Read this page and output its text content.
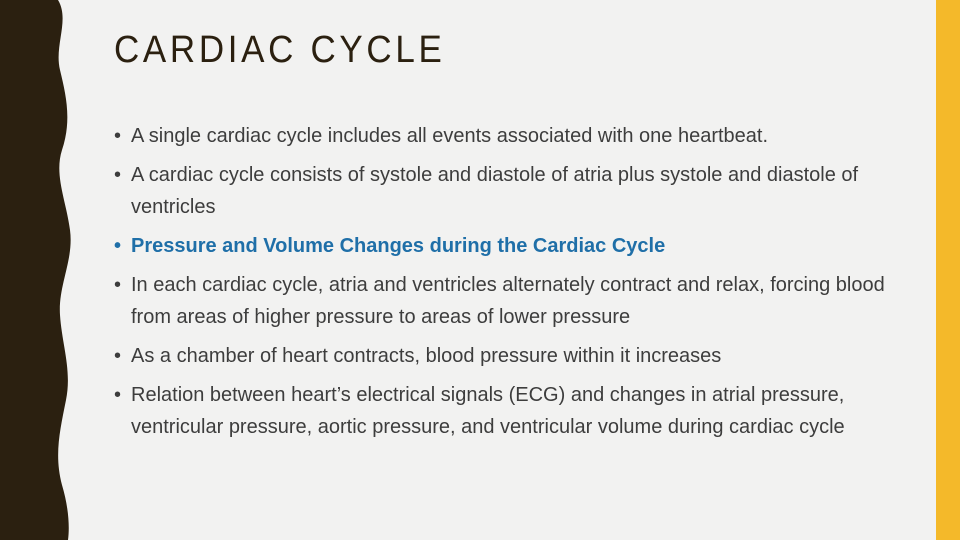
CARDIAC CYCLE
• A single cardiac cycle includes all events associated with one heartbeat.
• A cardiac cycle consists of systole and diastole of atria plus systole and diastole of ventricles
• Pressure and Volume Changes during the Cardiac Cycle
• In each cardiac cycle, atria and ventricles alternately contract and relax, forcing blood from areas of higher pressure to areas of lower pressure
• As a chamber of heart contracts, blood pressure within it increases
• Relation between heart’s electrical signals (ECG) and changes in atrial pressure, ventricular pressure, aortic pressure, and ventricular volume during cardiac cycle
